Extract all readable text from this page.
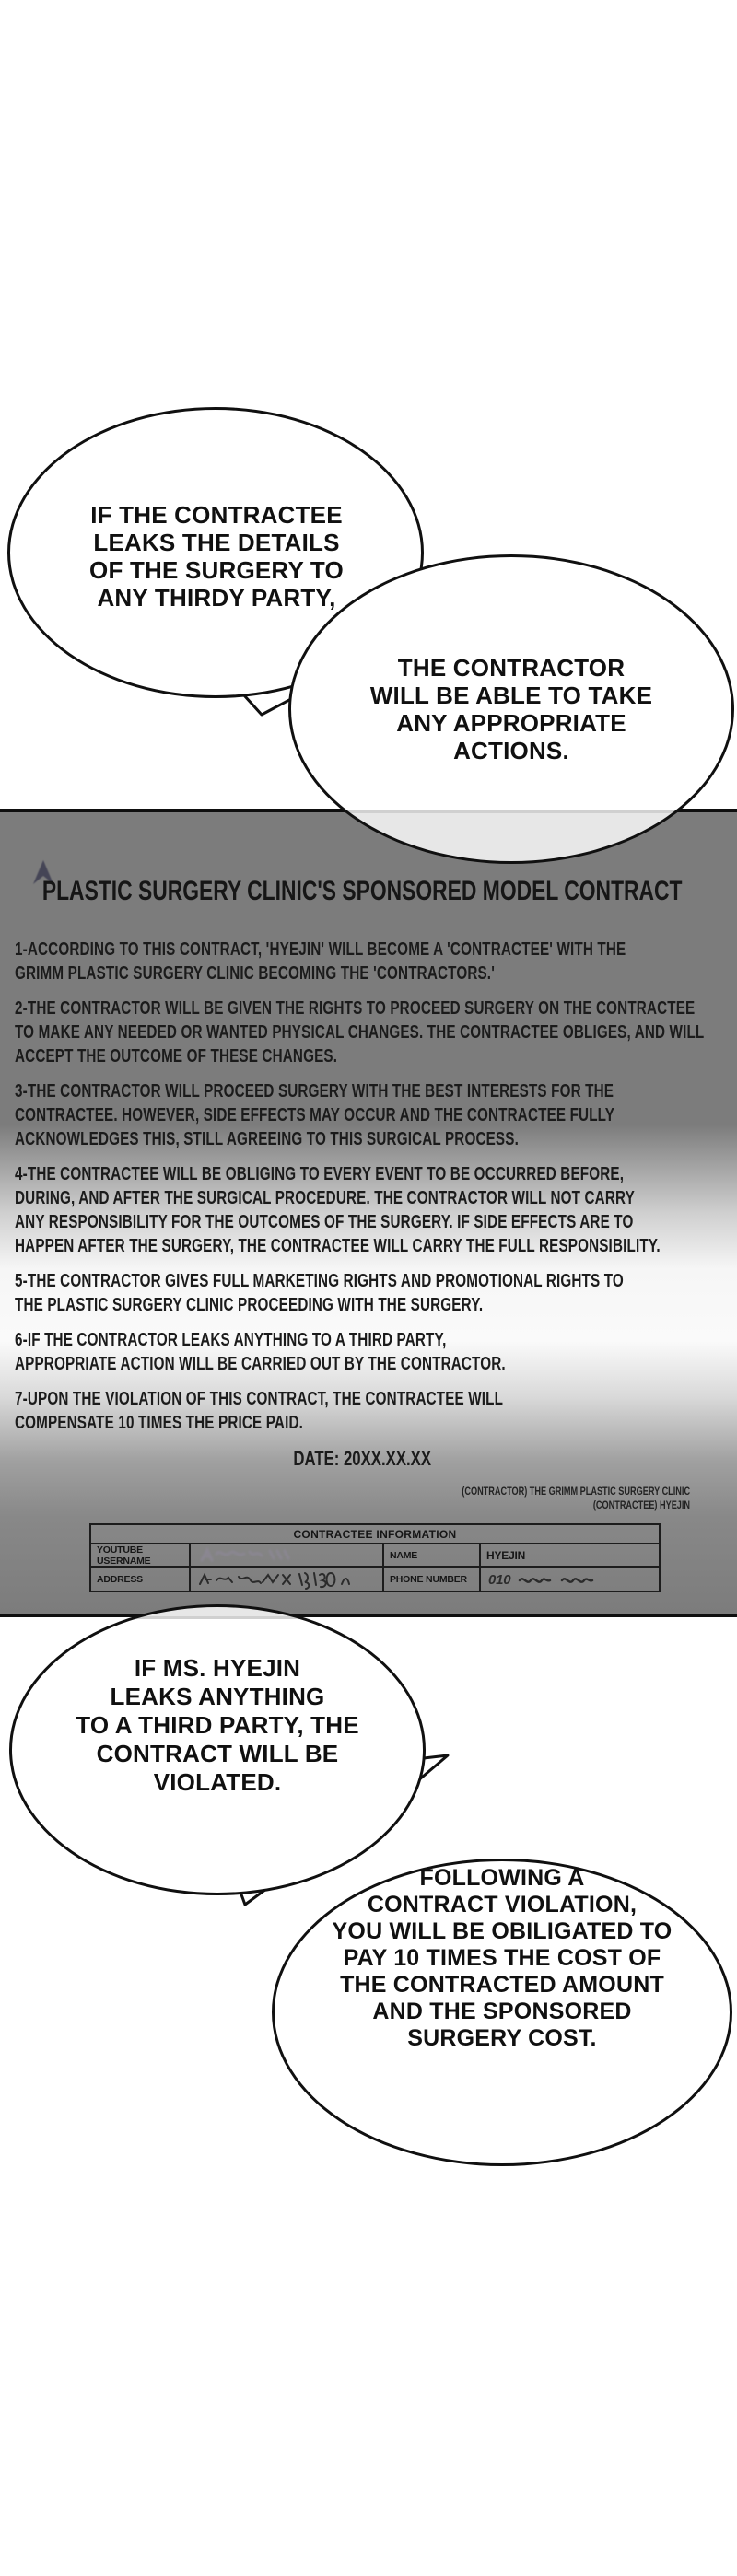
PLASTIC SURGERY CLINIC'S SPONSORED MODEL CONTRACT

1-ACCORDING TO THIS CONTRACT, 'HYEJIN' WILL BECOME A 'CONTRACTEE' WITH THE
GRIMM PLASTIC SURGERY CLINIC BECOMING THE 'CONTRACTORS.'

2-THE CONTRACTOR WILL BE GIVEN THE RIGHTS TO PROCEED SURGERY ON THE CONTRACTEE
TO MAKE ANY NEEDED OR WANTED PHYSICAL CHANGES. THE CONTRACTEE OBLIGES, AND WILL
ACCEPT THE OUTCOME OF THESE CHANGES.

3-THE CONTRACTOR WILL PROCEED SURGERY WITH THE BEST INTERESTS FOR THE
CONTRACTEE. HOWEVER, SIDE EFFECTS MAY OCCUR AND THE CONTRACTEE FULLY
ACKNOWLEDGES THIS, STILL AGREEING TO THIS SURGICAL PROCESS.

4-THE CONTRACTEE WILL BE OBLIGING TO EVERY EVENT TO BE OCCURRED BEFORE,
DURING, AND AFTER THE SURGICAL PROCEDURE. THE CONTRACTOR WILL NOT CARRY
ANY RESPONSIBILITY FOR THE OUTCOMES OF THE SURGERY. IF SIDE EFFECTS ARE TO
HAPPEN AFTER THE SURGERY, THE CONTRACTEE WILL CARRY THE FULL RESPONSIBILITY.

5-THE CONTRACTOR GIVES FULL MARKETING RIGHTS AND PROMOTIONAL RIGHTS TO
THE PLASTIC SURGERY CLINIC PROCEEDING WITH THE SURGERY.

6-IF THE CONTRACTOR LEAKS ANYTHING TO A THIRD PARTY,
APPROPRIATE ACTION WILL BE CARRIED OUT BY THE CONTRACTOR.

7-UPON THE VIOLATION OF THIS CONTRACT, THE CONTRACTEE WILL
COMPENSATE 10 TIMES THE PRICE PAID.

DATE: 20XX.XX.XX

(CONTRACTOR) THE GRIMM PLASTIC SURGERY CLINIC
(CONTRACTEE) HYEJIN
CONTRACTEE INFORMATION
YOUTUBE USERNAME	NAME	HYEJIN
ADDRESS	PHONE NUMBER	010
IF THE CONTRACTEE
LEAKS THE DETAILS
OF THE SURGERY TO
ANY THIRDY PARTY,
THE CONTRACTOR
WILL BE ABLE TO TAKE
ANY APPROPRIATE
ACTIONS.
IF MS. HYEJIN
LEAKS ANYTHING
TO A THIRD PARTY, THE
CONTRACT WILL BE
VIOLATED.
FOLLOWING A
CONTRACT VIOLATION,
YOU WILL BE OBILIGATED TO
PAY 10 TIMES THE COST OF
THE CONTRACTED AMOUNT
AND THE SPONSORED
SURGERY COST.
